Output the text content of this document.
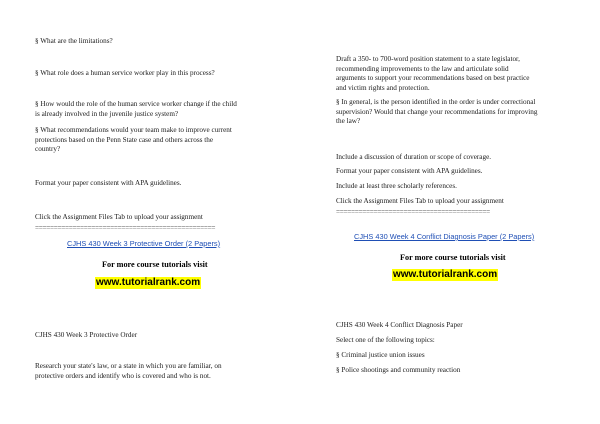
§ What are the limitations?

§ What role does a human service worker play in this process?

§ How would the role of the human service worker change if the child
is already involved in the juvenile justice system?

§ What recommendations would your team make to improve current
protections based on the Penn State case and others across the
country?

Format your paper consistent with APA guidelines.

Click the Assignment Files Tab to upload your assignment

================================================

CJHS 430 Week 3 Protective Order (2 Papers)
For more course tutorials visit
www.tutorialrank.com

CJHS 430 Week 3 Protective Order

Research your state's law, or a state in which you are familiar, on
protective orders and identify who is covered and who is not.

Draft a 350- to 700-word position statement to a state legislator,
recommending improvements to the law and articulate solid
arguments to support your recommendations based on best practice
and victim rights and protection.

§ In general, is the person identified in the order is under correctional
supervision? Would that change your recommendations for improving
the law?

Include a discussion of duration or scope of coverage.

Format your paper consistent with APA guidelines.

Include at least three scholarly references.

Click the Assignment Files Tab to upload your assignment

=========================================

CJHS 430 Week 4 Conflict Diagnosis Paper (2 Papers)
For more course tutorials visit
www.tutorialrank.com

CJHS 430 Week 4 Conflict Diagnosis Paper

Select one of the following topics:

§ Criminal justice union issues

§ Police shootings and community reaction
